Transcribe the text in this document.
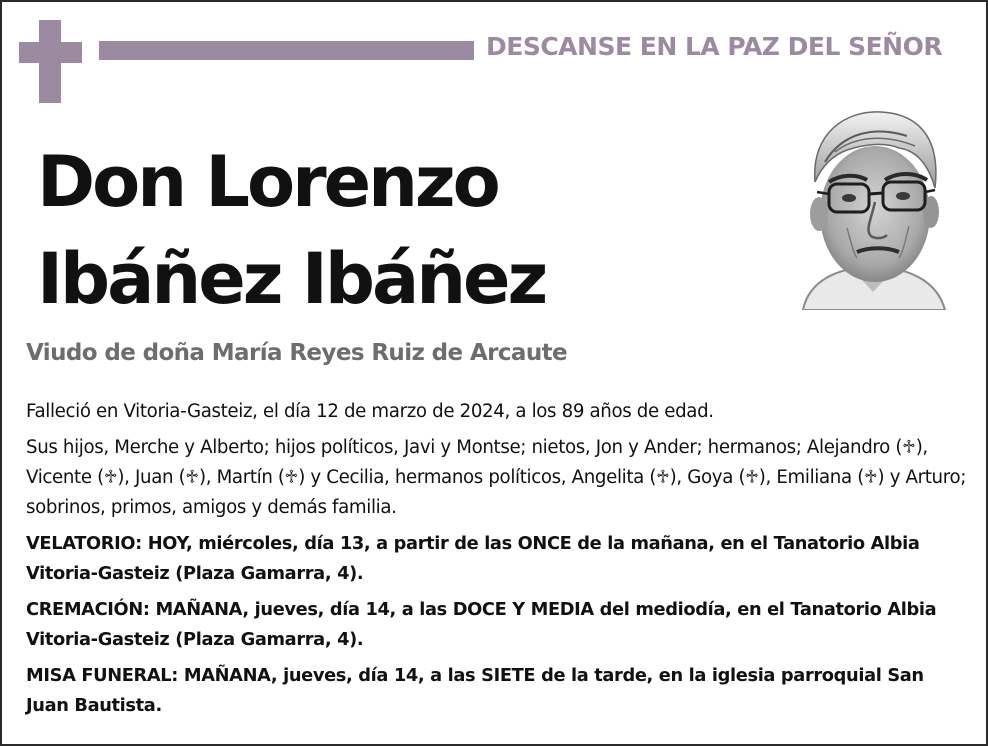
DESCANSE EN LA PAZ DEL SEÑOR
Don Lorenzo
Ibáñez Ibáñez
Viudo de doña María Reyes Ruiz de Arcaute

Falleció en Vitoria-Gasteiz, el día 12 de marzo de 2024, a los 89 años de edad.

Sus hijos, Merche y Alberto; hijos políticos, Javi y Montse; nietos, Jon y Ander; hermanos; Alejandro (♱), Vicente (♱), Juan (♱), Martín (♱) y Cecilia, hermanos políticos, Angelita (♱), Goya (♱), Emiliana (♱) y Arturo; sobrinos, primos, amigos y demás familia.

VELATORIO: HOY, miércoles, día 13, a partir de las ONCE de la mañana, en el Tanatorio Albia Vitoria-Gasteiz (Plaza Gamarra, 4).

CREMACIÓN: MAÑANA, jueves, día 14, a las DOCE Y MEDIA del mediodía, en el Tanatorio Albia Vitoria-Gasteiz (Plaza Gamarra, 4).

MISA FUNERAL: MAÑANA, jueves, día 14, a las SIETE de la tarde, en la iglesia parroquial San Juan Bautista.
